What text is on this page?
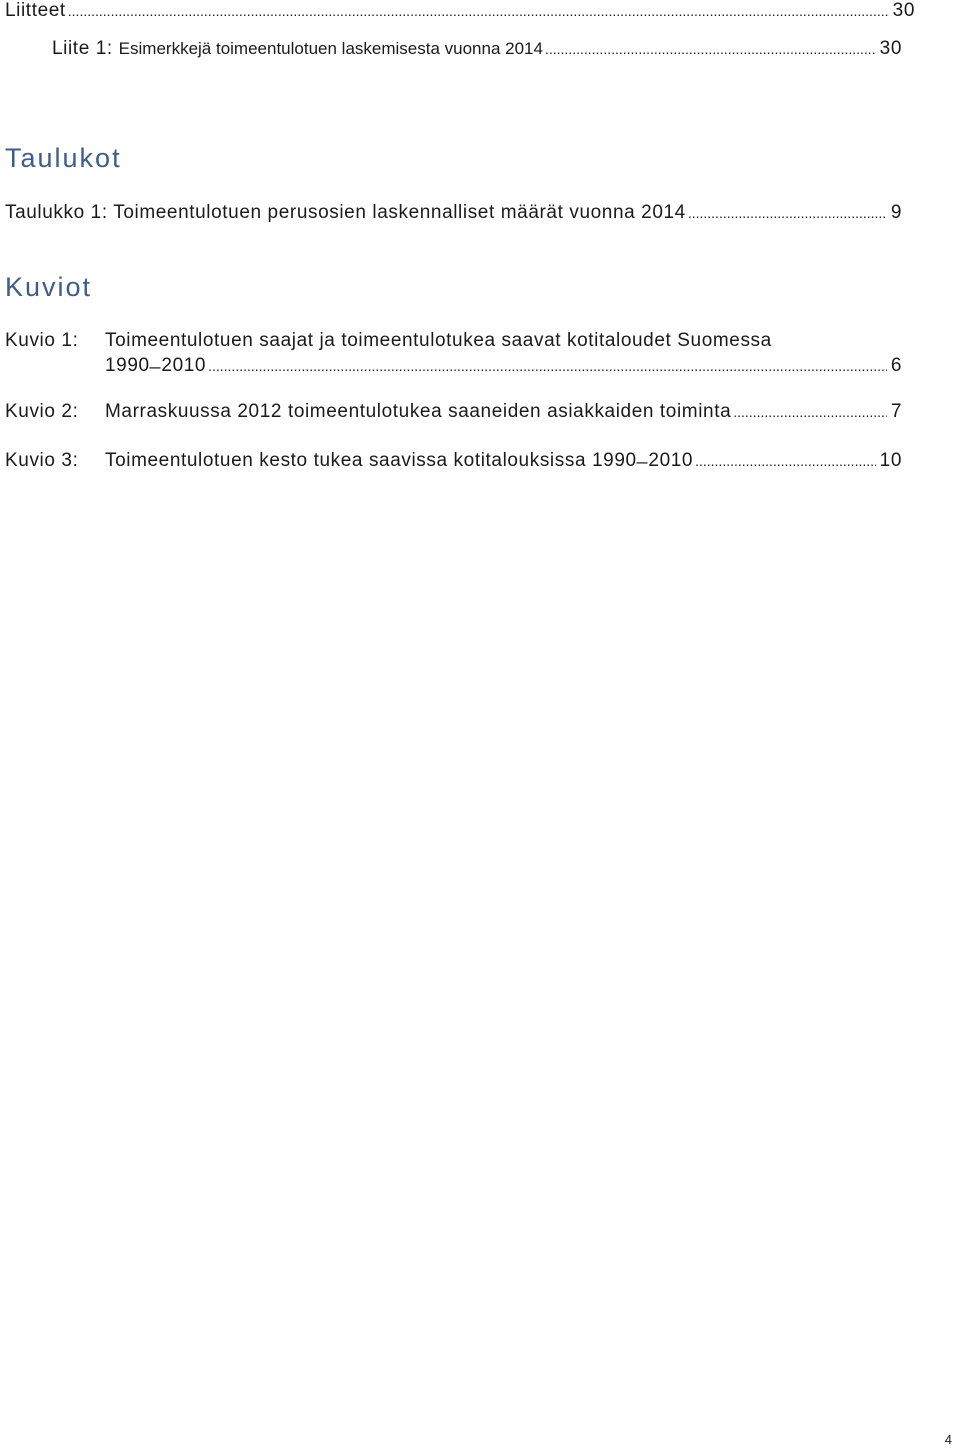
Liitteet .....	30
Liite 1: Esimerkkejä toimeentulotuen laskemisesta vuonna 2014 .....	30
Taulukot
Taulukko 1: Toimeentulotuen perusosien laskennalliset määrät vuonna 2014 .....	9
Kuviot
Kuvio 1: Toimeentulotuen saajat ja toimeentulotukea saavat kotitaloudet Suomessa
1990 ̶ 2010 .....	6
Kuvio 2: Marraskuussa 2012 toimeentulotukea saaneiden asiakkaiden toiminta .....	7
Kuvio 3: Toimeentulotuen kesto tukea saavissa kotitalouksissa 1990 ̶ 2010 .....	10
4
